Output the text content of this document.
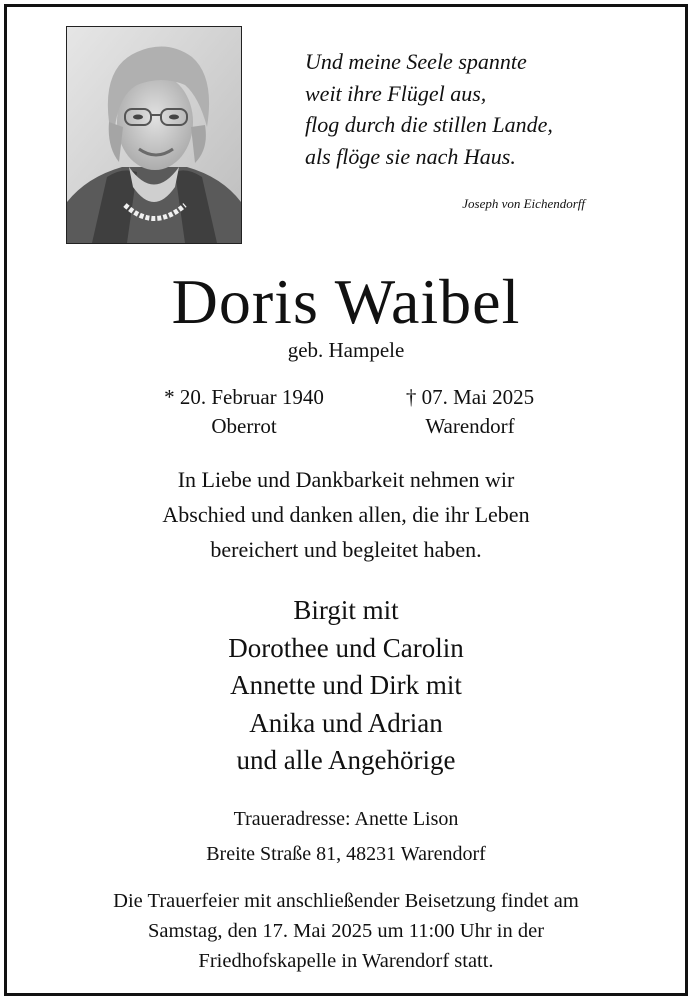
Und meine Seele spannte
weit ihre Flügel aus,
flog durch die stillen Lande,
als flöge sie nach Haus.
Joseph von Eichendorff
Doris Waibel
geb. Hampele
* 20. Februar 1940
Oberrot
† 07. Mai 2025
Warendorf
In Liebe und Dankbarkeit nehmen wir
Abschied und danken allen, die ihr Leben
bereichert und begleitet haben.
Birgit mit
Dorothee und Carolin
Annette und Dirk mit
Anika und Adrian
und alle Angehörige
Traueradresse: Anette Lison
Breite Straße 81, 48231 Warendorf
Die Trauerfeier mit anschließender Beisetzung findet am
Samstag, den 17. Mai 2025 um 11:00 Uhr in der
Friedhofskapelle in Warendorf statt.
